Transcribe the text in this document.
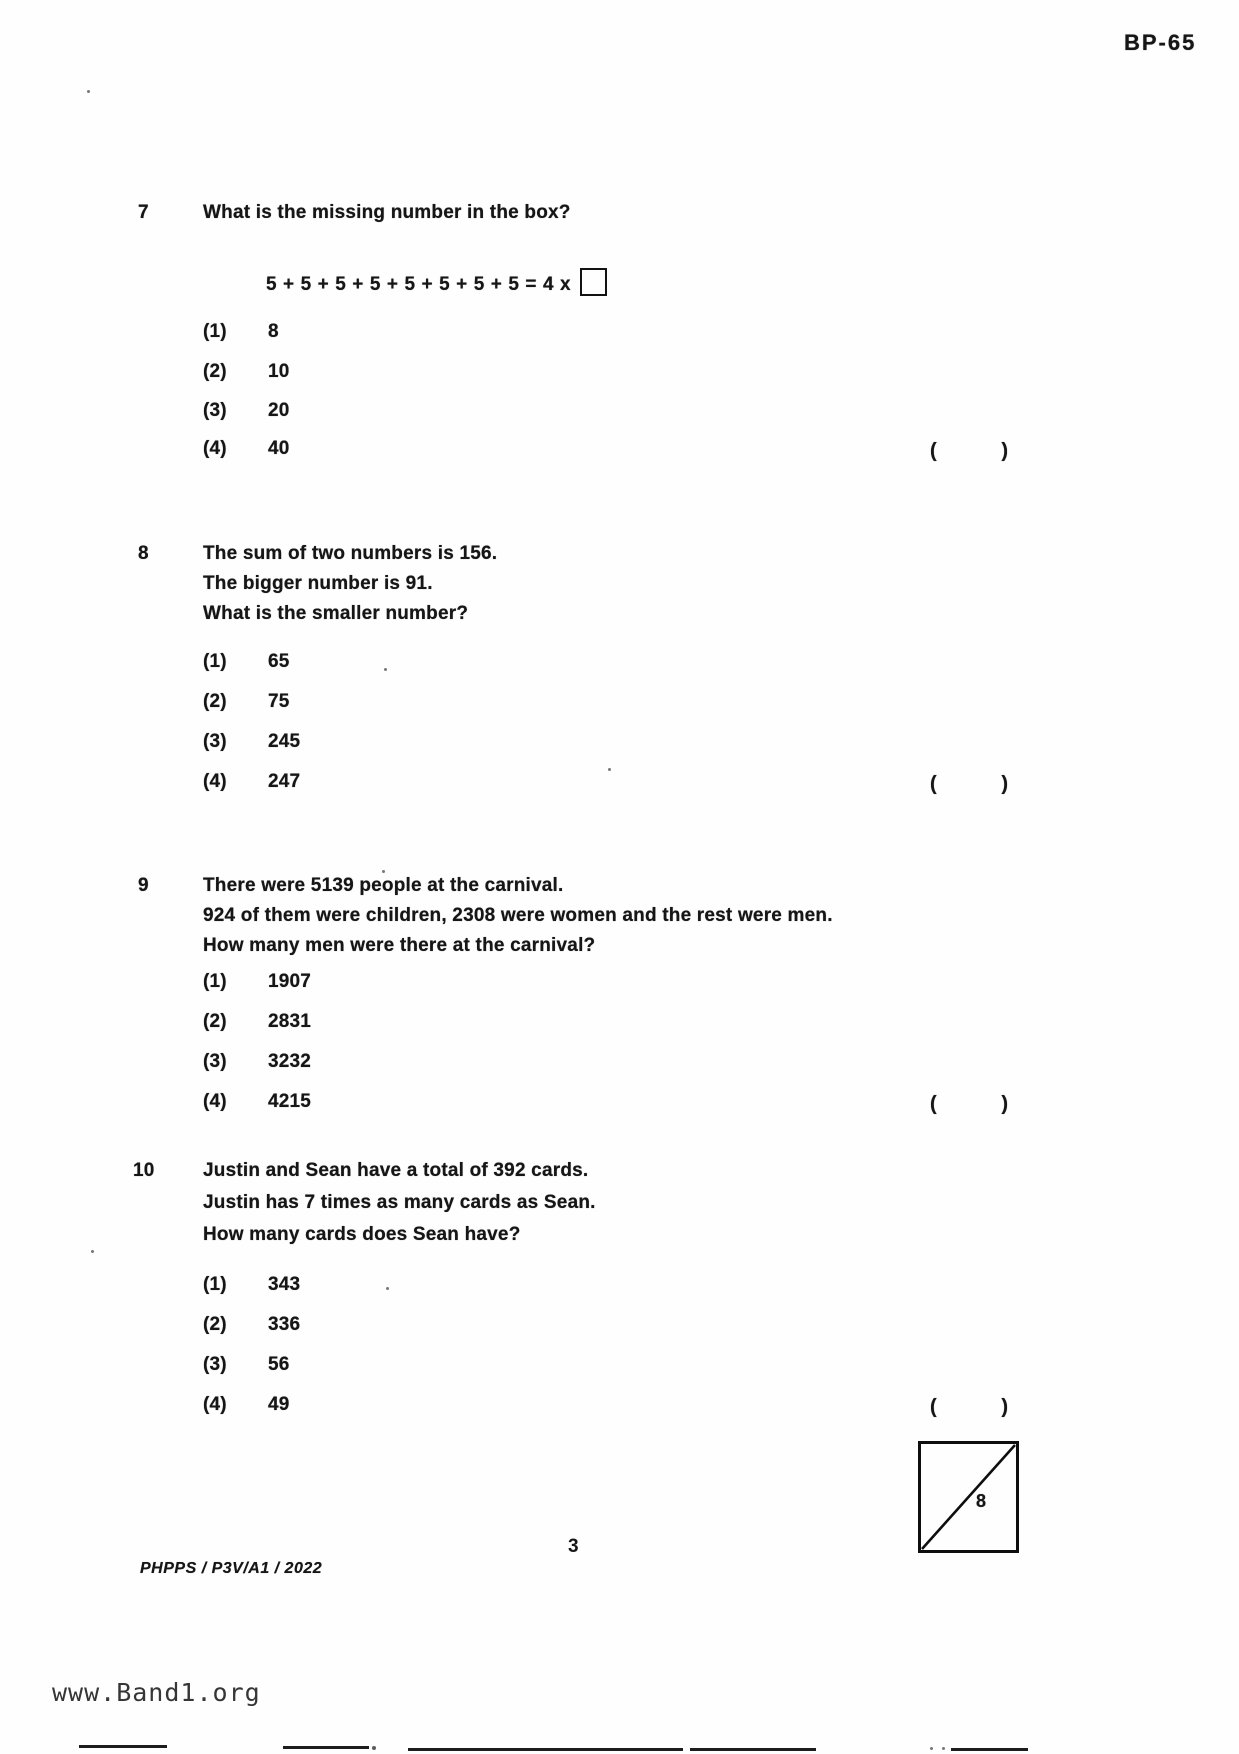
BP-65
7	What is the missing number in the box?
5 + 5 + 5 + 5 + 5 + 5 + 5 + 5 = 4 x
(1) 8
(2) 10
(3) 20
(4) 40	(	)
8	The sum of two numbers is 156.
The bigger number is 91.
What is the smaller number?
(1) 65
(2) 75
(3) 245
(4) 247	(	)
9	There were 5139 people at the carnival.
924 of them were children, 2308 were women and the rest were men.
How many men were there at the carnival?
(1) 1907
(2) 2831
(3) 3232
(4) 4215	(	)
10	Justin and Sean have a total of 392 cards.
Justin has 7 times as many cards as Sean.
How many cards does Sean have?
(1) 343
(2) 336
(3) 56
(4) 49	(	)
8
3
PHPPS / P3V/A1 / 2022
www.Band1.org
